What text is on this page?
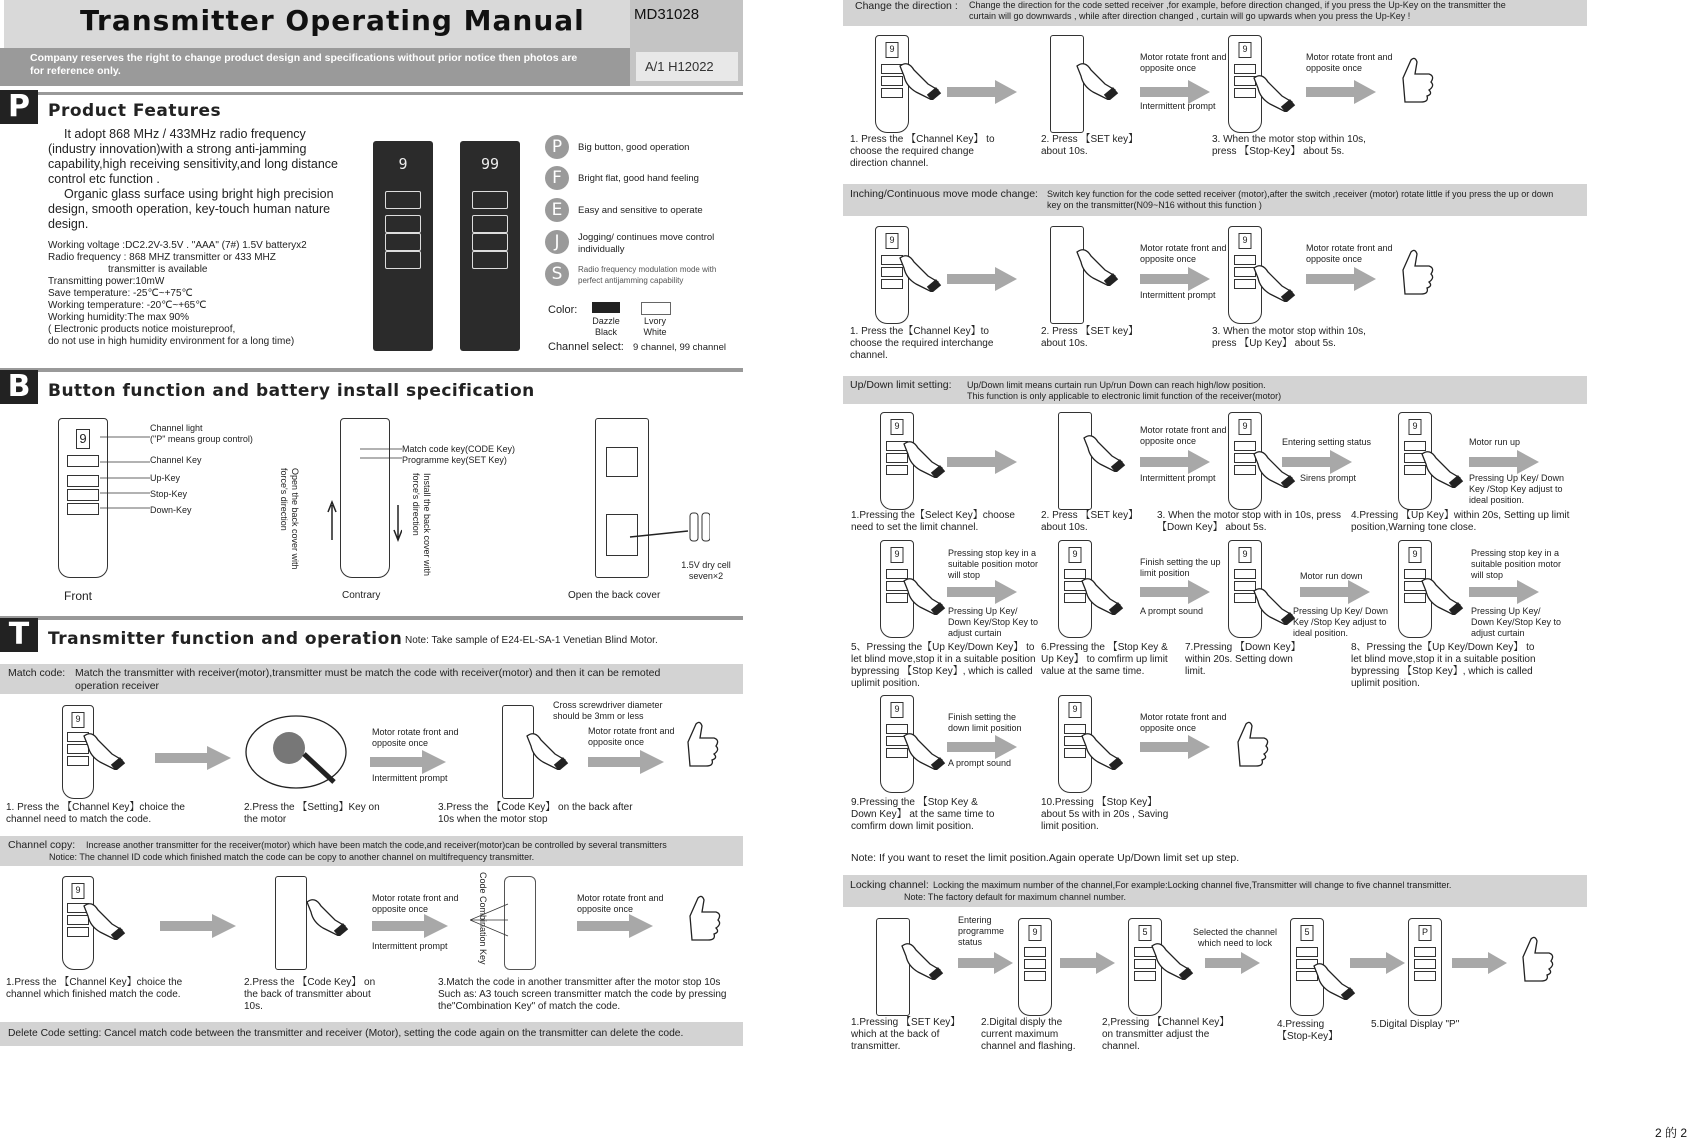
Transmitter Operating Manual	MD31028
Company reserves the right to change product design and specifications without prior notice then photos are for reference only.	A/1 H12022
P	Product Features
It adopt 868 MHz / 433MHz radio frequency (industry innovation)with a strong anti-jamming capability,high receiving sensitivity,and long distance control etc function .
Organic glass surface using bright high precision design, smooth operation, key-touch human nature design.
Working voltage :DC2.2V-3.5V . "AAA" (7#) 1.5V batteryx2
Radio frequency : 868 MHZ transmitter or 433 MHZ
transmitter is available
Transmitting power:10mW
Save temperature: -25℃~+75℃
Working temperature: -20℃~+65℃
Working humidity:The max 90%
( Electronic products notice moistureproof,
do not use in high humidity environment for a long time)
9	99
P	Big button, good operation
F	Bright flat, good hand feeling
E	Easy and sensitive to operate
J	Jogging/ continues move control individually
S	Radio frequency modulation mode with perfect antijamming capability
Color:
Dazzle Black
Lvory White
Channel select: 9 channel, 99 channel
B	Button function and battery install specification
9
Channel light
("P" means group control)
Channel Key
Up-Key
Stop-Key
Down-Key
Front
Match code key(CODE Key)
Programme key(SET Key)
Open the back cover with force's direction	Install the back cover with force's direction
Contrary
1.5V dry cell seven×2
Open the back cover
T	Transmitter function and operation Note: Take sample of E24-EL-SA-1 Venetian Blind Motor.
Match code: Match the transmitter with receiver(motor),transmitter must be match the code with receiver(motor) and then it can be remoted
operation receiver
9
Motor rotate front and opposite once
Intermittent prompt
Cross screwdriver diameter should be 3mm or less
Motor rotate front and opposite once
1. Press the 【Channel Key】choice the channel need to match the code.
2.Press the 【Setting】Key on the motor
3.Press the 【Code Key】 on the back after 10s when the motor stop
Channel copy: Increase another transmitter for the receiver(motor) which have been match the code,and receiver(motor)can be controlled by several transmitters
Notice: The channel ID code which finished match the code can be copy to another channel on multifrequency transmitter.
9
Motor rotate front and opposite once
Intermittent prompt	Code Combination Key	Motor rotate front and opposite once
1.Press the 【Channel Key】choice the channel which finished match the code.
2.Press the 【Code Key】 on the back of transmitter about 10s.
3.Match the code in another transmitter after the motor stop 10s Such as: A3 touch screen transmitter match the code by pressing the"Combination Key" of match the code.
Delete Code setting: Cancel match code between the transmitter and receiver (Motor), setting the code again on the transmitter can delete the code.
Change the direction : Change the direction for the code setted receiver ,for example, before direction changed, if you press the Up-Key on the transmitter the curtain will go downwards , while after direction changed , curtain will go upwards when you press the Up-Key !
9
Motor rotate front and opposite once
Intermittent prompt
9
Motor rotate front and opposite once
1. Press the 【Channel Key】 to choose the required change direction channel.
2. Press 【SET key】 about 10s.
3. When the motor stop within 10s, press 【Stop-Key】 about 5s.
Inching/Continuous move mode change: Switch key function for the code setted receiver (motor),after the switch ,receiver (motor) rotate little if you press the up or down key on the transmitter(N09~N16 without this function )
9
Motor rotate front and opposite once
Intermittent prompt
9
Motor rotate front and opposite once
1. Press the【Channel Key】to choose the required interchange channel.
2. Press 【SET key】 about 10s.
3. When the motor stop within 10s, press 【Up Key】 about 5s.
Up/Down limit setting: Up/Down limit means curtain run Up/run Down can reach high/low position.
This function is only applicable to electronic limit function of the receiver(motor)
9	Motor rotate front and opposite once
Intermittent prompt
9
Entering setting status
Sirens prompt
9
Motor run up
Pressing Up Key/ Down Key /Stop Key adjust to ideal position.
1.Pressing the【Select Key】choose need to set the limit channel.
2. Press 【SET key】 about 10s.
3. When the motor stop with in 10s, press 【Down Key】 about 5s.
4.Pressing 【Up Key】within 20s, Setting up limit position,Warning tone close.
9	Pressing stop key in a suitable position motor will stop
Pressing Up Key/ Down Key/Stop Key to adjust curtain
9
Finish setting the up limit position
A prompt sound
9
Motor run down
Pressing Up Key/ Down Key /Stop Key adjust to ideal position.
9	Pressing stop key in a suitable position motor will stop
Pressing Up Key/ Down Key/Stop Key to adjust curtain
5、Pressing the【Up Key/Down Key】 to let blind move,stop it in a suitable position bypressing 【Stop Key】, which is called uplimit position.
6.Pressing the 【Stop Key & Up Key】 to comfirm up limit value at the same time.
7.Pressing 【Down Key】 within 20s. Setting down limit.
8、Pressing the【Up Key/Down Key】 to let blind move,stop it in a suitable position bypressing 【Stop Key】, which is called uplimit position.
9
Finish setting the down limit position
A prompt sound
9
Motor rotate front and opposite once
9.Pressing the 【Stop Key & Down Key】 at the same time to comfirm down limit position.
10.Pressing 【Stop Key】 about 5s with in 20s , Saving limit position.
Note: If you want to reset the limit position.Again operate Up/Down limit set up step.
Locking channel: Locking the maximum number of the channel,For example:Locking channel five,Transmitter will change to five channel transmitter.
Note: The factory default for maximum channel number.
Entering programme status
9	5	Selected the channel which need to lock
5	P
1.Pressing 【SET Key】 which at the back of transmitter.
2.Digital disply the current maximum channel and flashing.
2,Pressing 【Channel Key】 on transmitter adjust the channel.
4.Pressing 【Stop-Key】
5.Digital Display "P"
2 的 2
